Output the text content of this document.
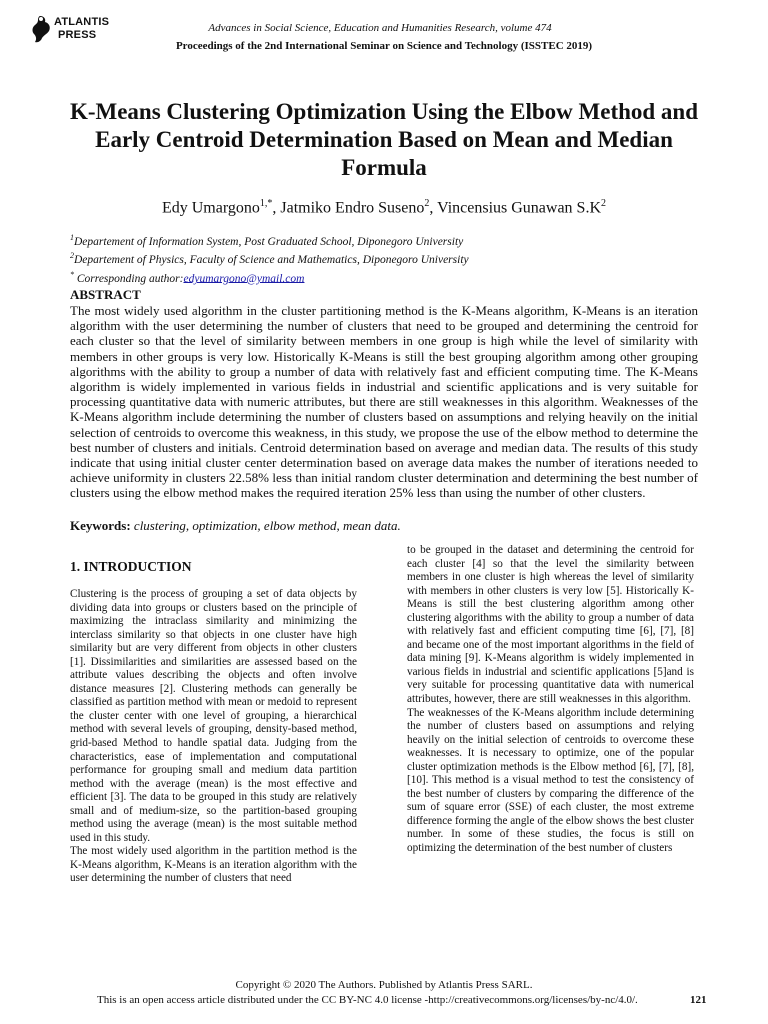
ATLANTIS
PRESS
Advances in Social Science, Education and Humanities Research, volume 474
Proceedings of the 2nd International Seminar on Science and Technology (ISSTEC 2019)
K-Means Clustering Optimization Using the Elbow Method and Early Centroid Determination Based on Mean and Median Formula
Edy Umargono$^{1,*}$, Jatmiko Endro Suseno$^2$, Vincensius Gunawan $S.K^2$
$^1$Departement of Information System, Post Graduated School, Diponegoro University
$^2$Departement of Physics, Faculty of Science and Mathematics, Diponegoro University
* Corresponding author:edyumargono@ymail.com
ABSTRACT

The most widely used algorithm in the cluster partitioning method is the K-Means algorithm, K-Means is an iteration algorithm with the user determining the number of clusters that need to be grouped and determining the centroid for each cluster so that the level of similarity between members in one group is high while the level of similarity with members in other groups is very low. Historically K-Means is still the best grouping algorithm among other grouping algorithms with the ability to group a number of data with relatively fast and efficient computing time. The K-Means algorithm is widely implemented in various fields in industrial and scientific applications and is very suitable for processing quantitative data with numeric attributes, but there are still weaknesses in this algorithm. Weaknesses of the K-Means algorithm include determining the number of clusters based on assumptions and relying heavily on the initial selection of centroids to overcome this weakness, in this study, we propose the use of the elbow method to determine the best number of clusters and initials. Centroid determination based on average and median data. The results of this study indicate that using initial cluster center determination based on average data makes the number of iterations needed to achieve uniformity in clusters 22.58% less than initial random cluster determination and determining the best number of clusters using the elbow method makes the required iteration 25% less than using the number of other clusters.

Keywords: clustering, optimization, elbow method, mean data.
1. INTRODUCTION

Clustering is the process of grouping a set of data objects by dividing data into groups or clusters based on the principle of maximizing the intraclass similarity and minimizing the interclass similarity so that objects in one cluster have high similarity but are very different from objects in other clusters [1]. Dissimilarities and similarities are assessed based on the attribute values describing the objects and often involve distance measures [2]. Clustering methods can generally be classified as partition method with mean or medoid to represent the cluster center with one level of grouping, a hierarchical method with several levels of grouping, density-based method, grid-based Method to handle spatial data. Judging from the characteristics, ease of implementation and computational performance for grouping small and medium data partition method with the average (mean) is the most effective and efficient [3]. The data to be grouped in this study are relatively small and of medium-size, so the partition-based grouping method using the average (mean) is the most suitable method used in this study.

The most widely used algorithm in the partition method is the K-Means algorithm, K-Means is an iteration algorithm with the user determining the number of clusters that need

to be grouped in the dataset and determining the centroid for each cluster [4] so that the level the similarity between members in one cluster is high whereas the level of similarity with members in other clusters is very low [5]. Historically K-Means is still the best clustering algorithm among other clustering algorithms with the ability to group a number of data with relatively fast and efficient computing time [6], [7], [8] and became one of the most important algorithms in the field of data mining [9]. K-Means algorithm is widely implemented in various fields in industrial and scientific applications [5]and is very suitable for processing quantitative data with numerical attributes, however, there are still weaknesses in this algorithm.

The weaknesses of the K-Means algorithm include determining the number of clusters based on assumptions and relying heavily on the initial selection of centroids to overcome these weaknesses. It is necessary to optimize, one of the popular cluster optimization methods is the Elbow method [6], [7], [8], [10]. This method is a visual method to test the consistency of the best number of clusters by comparing the difference of the sum of square error (SSE) of each cluster, the most extreme difference forming the angle of the elbow shows the best cluster number. In some of these studies, the focus is still on optimizing the determination of the best number of clusters

Copyright © 2020 The Authors. Published by Atlantis Press SARL.
This is an open access article distributed under the CC BY-NC 4.0 license -http://creativecommons.org/licenses/by-nc/4.0/.	121
